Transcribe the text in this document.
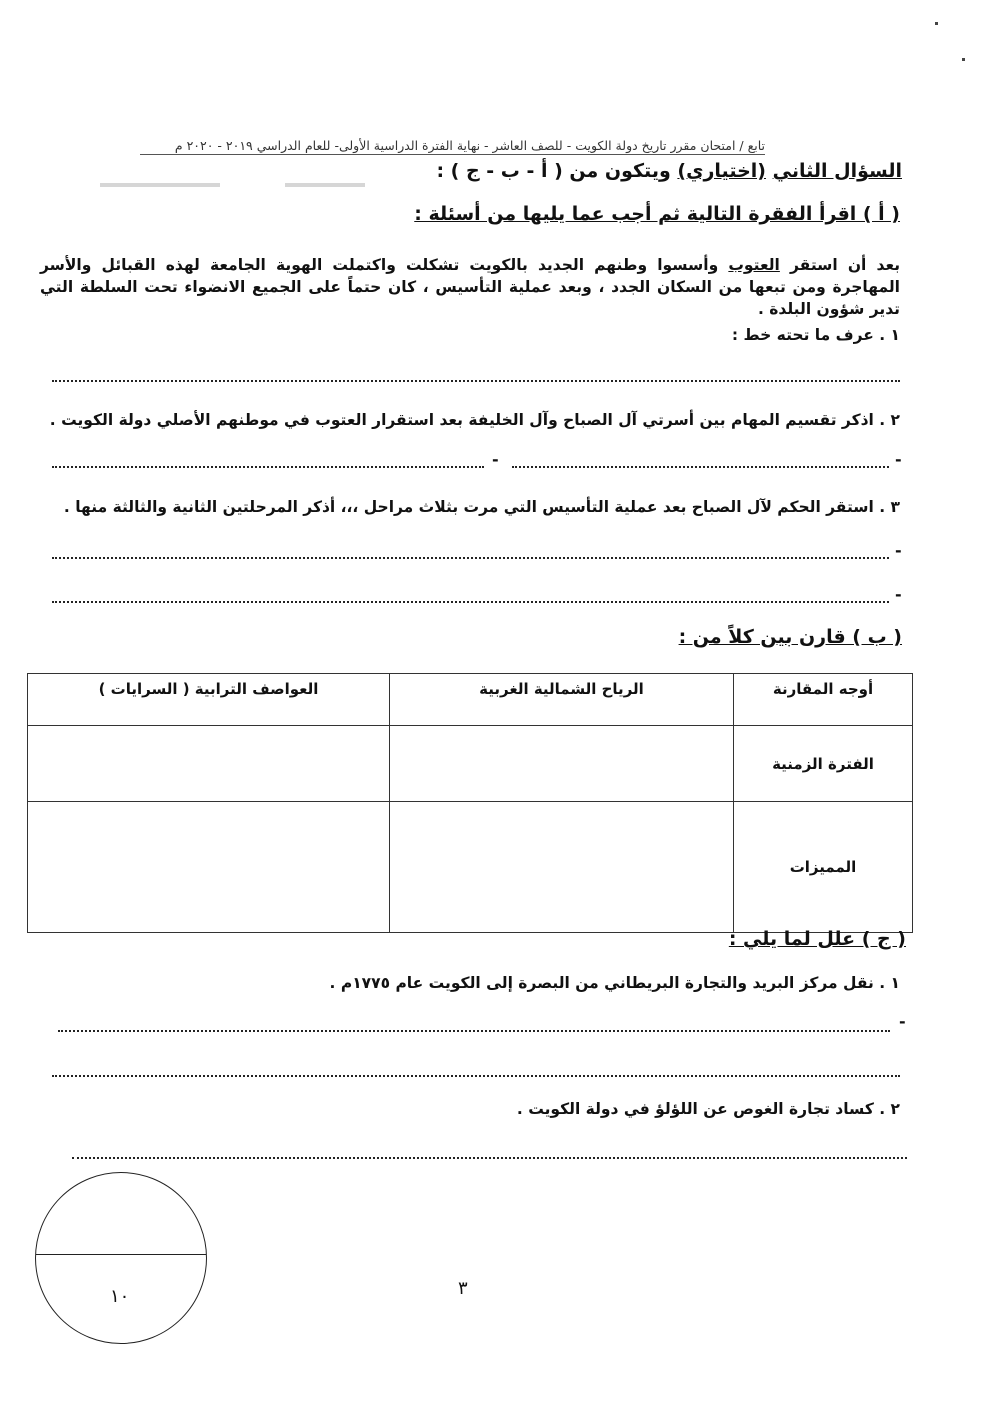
تابع / امتحان مقرر تاريخ دولة الكويت - للصف العاشر - نهاية الفترة الدراسية الأولى- للعام الدراسي ٢٠١٩ - ٢٠٢٠ م
السؤال الثاني (اختياري) ويتكون من ( أ - ب - ج ) :
( أ ) اقرأ الفقرة التالية ثم أجب عما يليها من أسئلة :
بعد أن استقر العتوب وأسسوا وطنهم الجديد بالكويت تشكلت واكتملت الهوية الجامعة لهذه القبائل والأسر المهاجرة ومن تبعها من السكان الجدد ، وبعد عملية التأسيس ، كان حتماً على الجميع الانضواء تحت السلطة التي تدير شؤون البلدة .
١ . عرف ما تحته خط :
٢ . اذكر تقسيم المهام بين أسرتي آل الصباح وآل الخليفة بعد استقرار العتوب في موطنهم الأصلي دولة الكويت .
-
-
٣ . استقر الحكم لآل الصباح بعد عملية التأسيس التي مرت بثلاث مراحل ،،، أذكر المرحلتين الثانية والثالثة منها .
-
-
( ب ) قارن بين كلاً من :
أوجه المقارنة	الرياح الشمالية الغربية	العواصف الترابية ( السرايات )
الفترة الزمنية		
المميزات		
( ج ) علل لما يلي :
١ . نقل مركز البريد والتجارة البريطاني من البصرة إلى الكويت عام ١٧٧٥م .
-
٢ . كساد تجارة الغوص عن اللؤلؤ في دولة الكويت .
١٠	٣
